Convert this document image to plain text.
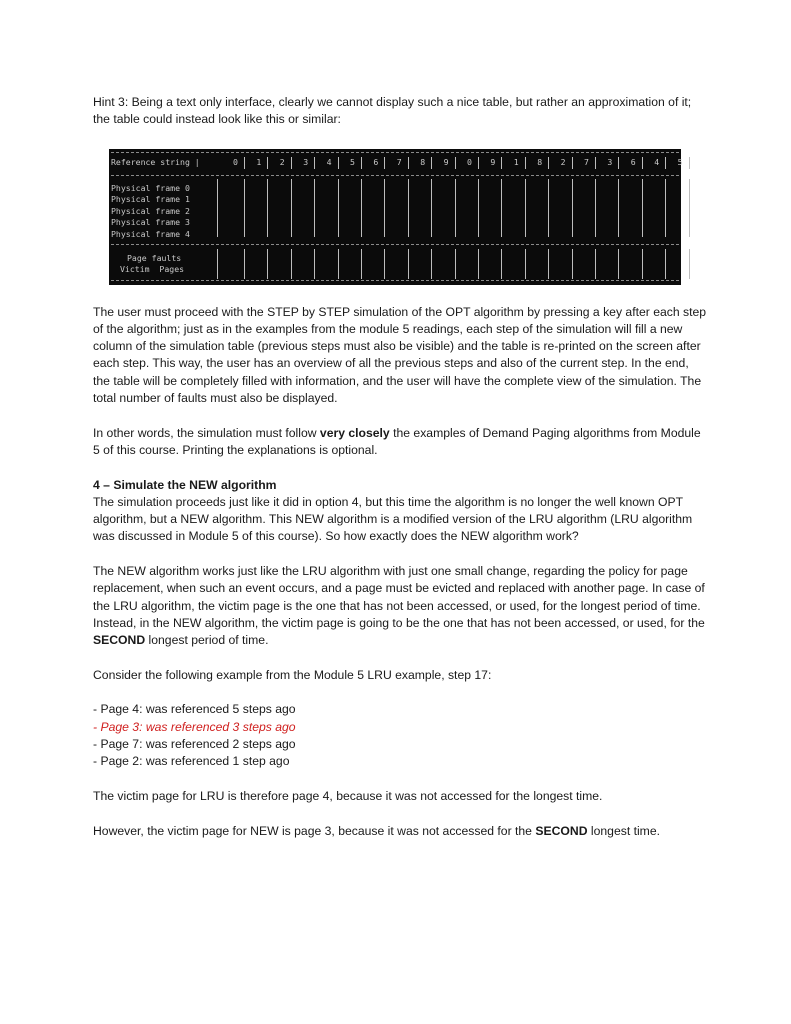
Hint 3: Being a text only interface, clearly we cannot display such a nice table, but rather an approximation of it; the table could instead look like this or similar:

Reference string |	0 1 2 3 4 5 6 7 8 9 0 9 1 8 2 7 3 6 4 5
Physical frame 0
Physical frame 1
Physical frame 2
Physical frame 3
Physical frame 4
Page faults
Victim  Pages

The user must proceed with the STEP by STEP simulation of the OPT algorithm by pressing a key after each step of the algorithm; just as in the examples from the module 5 readings, each step of the simulation will fill a new column of the simulation table (previous steps must also be visible) and the table is re-printed on the screen after each step. This way, the user has an overview of all the previous steps and also of the current step. In the end, the table will be completely filled with information, and the user will have the complete view of the simulation. The total number of faults must also be displayed.

In other words, the simulation must follow very closely the examples of Demand Paging algorithms from Module 5 of this course. Printing the explanations is optional.

4 – Simulate the NEW algorithm

The simulation proceeds just like it did in option 4, but this time the algorithm is no longer the well known OPT algorithm, but a NEW algorithm. This NEW algorithm is a modified version of the LRU algorithm (LRU algorithm was discussed in Module 5 of this course). So how exactly does the NEW algorithm work?

The NEW algorithm works just like the LRU algorithm with just one small change, regarding the policy for page replacement, when such an event occurs, and a page must be evicted and replaced with another page. In case of the LRU algorithm, the victim page is the one that has not been accessed, or used, for the longest period of time. Instead, in the NEW algorithm, the victim page is going to be the one that has not been accessed, or used, for the SECOND longest period of time.

Consider the following example from the Module 5 LRU example, step 17:

- Page 4: was referenced 5 steps ago

- Page 3: was referenced 3 steps ago

- Page 7: was referenced 2 steps ago

- Page 2: was referenced 1 step ago

The victim page for LRU is therefore page 4, because it was not accessed for the longest time.

However, the victim page for NEW is page 3, because it was not accessed for the SECOND longest time.
